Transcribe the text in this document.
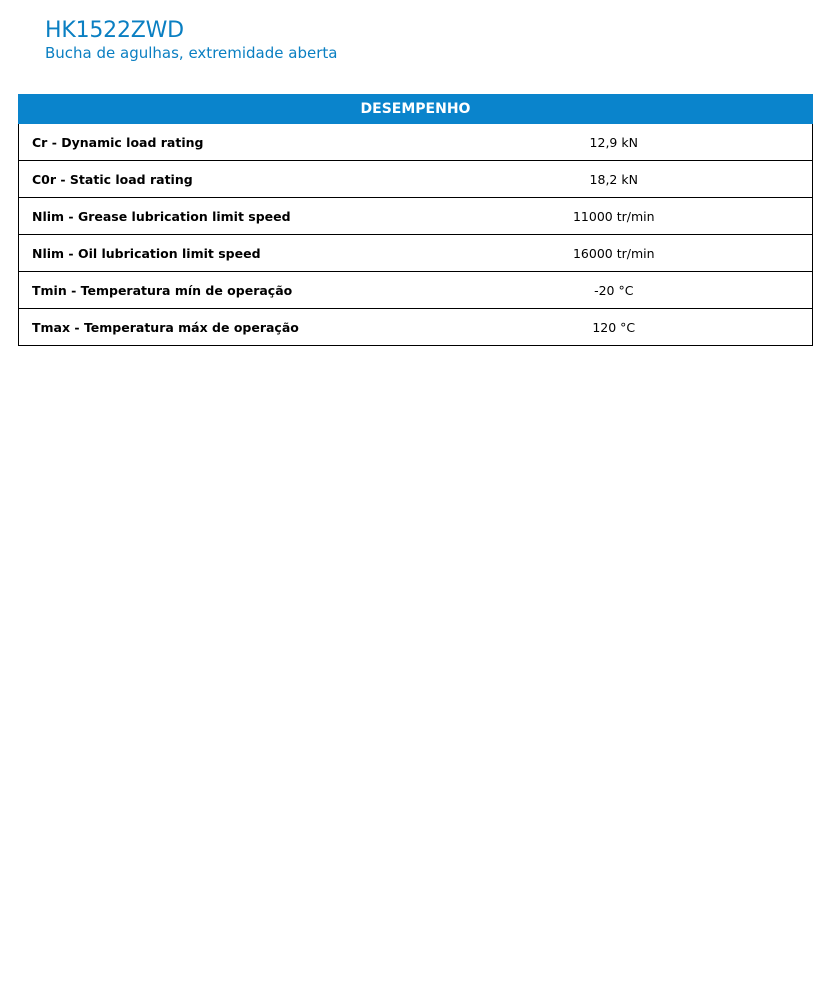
HK1522ZWD

Bucha de agulhas, extremidade aberta

DESEMPENHO	
Cr - Dynamic load rating	12,9 kN
C0r - Static load rating	18,2 kN
Nlim - Grease lubrication limit speed	11000 tr/min
Nlim - Oil lubrication limit speed	16000 tr/min
Tmin - Temperatura mín de operação	-20 °C
Tmax - Temperatura máx de operação	120 °C
